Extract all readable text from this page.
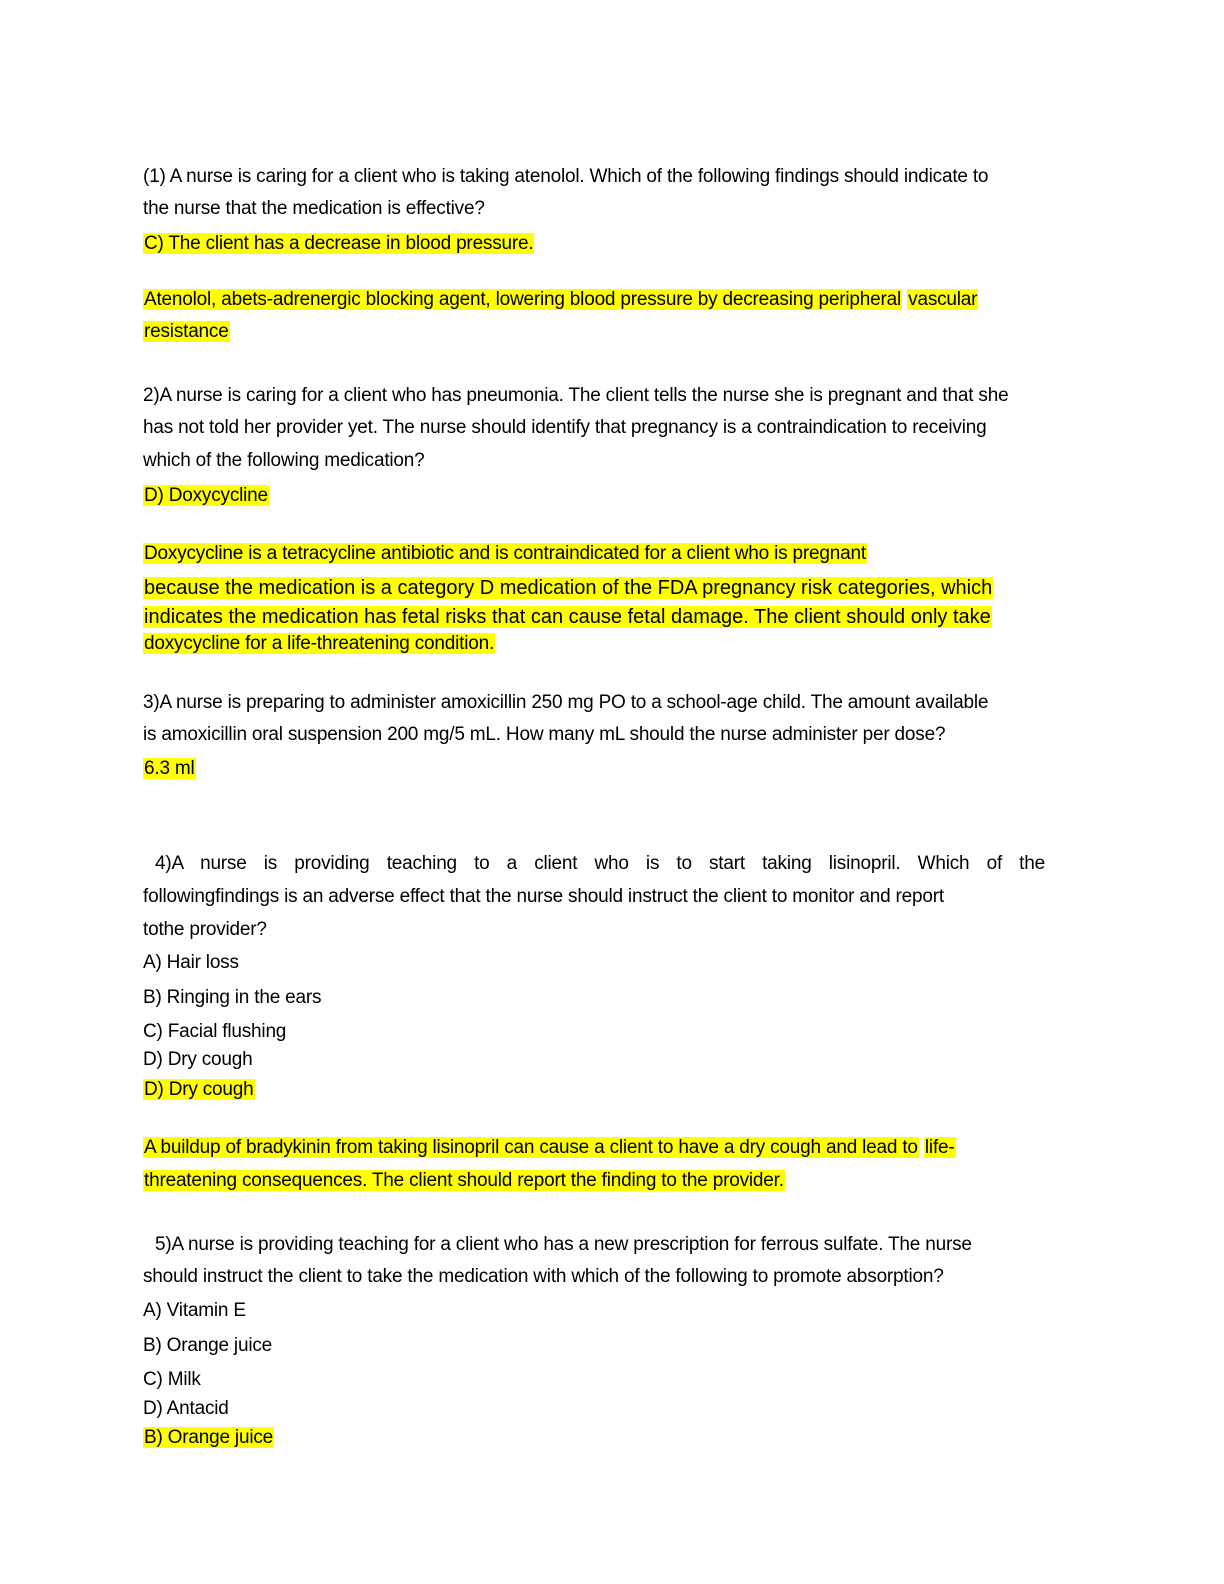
(1) A nurse is caring for a client who is taking atenolol. Which of the following findings should indicate to
the nurse that the medication is effective?
C) The client has a decrease in blood pressure.
Atenolol, abets-adrenergic blocking agent, lowering blood pressure by decreasing peripheral vascular
resistance
2)A nurse is caring for a client who has pneumonia. The client tells the nurse she is pregnant and that she
has not told her provider yet. The nurse should identify that pregnancy is a contraindication to receiving
which of the following medication?
D) Doxycycline
Doxycycline is a tetracycline antibiotic and is contraindicated for a client who is pregnant
because the medication is a category D medication of the FDA pregnancy risk categories, which
indicates the medication has fetal risks that can cause fetal damage. The client should only take
doxycycline for a life-threatening condition.
3)A nurse is preparing to administer amoxicillin 250 mg PO to a school-age child. The amount available
is amoxicillin oral suspension 200 mg/5 mL. How many mL should the nurse administer per dose?
6.3 ml
4)A nurse is providing teaching to a client who is to start taking lisinopril. Which of the
followingfindings is an adverse effect that the nurse should instruct the client to monitor and report
tothe provider?
A) Hair loss
B) Ringing in the ears
C) Facial flushing
D) Dry cough
D) Dry cough
A buildup of bradykinin from taking lisinopril can cause a client to have a dry cough and lead to life-
threatening consequences. The client should report the finding to the provider.
5)A nurse is providing teaching for a client who has a new prescription for ferrous sulfate. The nurse
should instruct the client to take the medication with which of the following to promote absorption?
A) Vitamin E
B) Orange juice
C) Milk
D) Antacid
B) Orange juice
